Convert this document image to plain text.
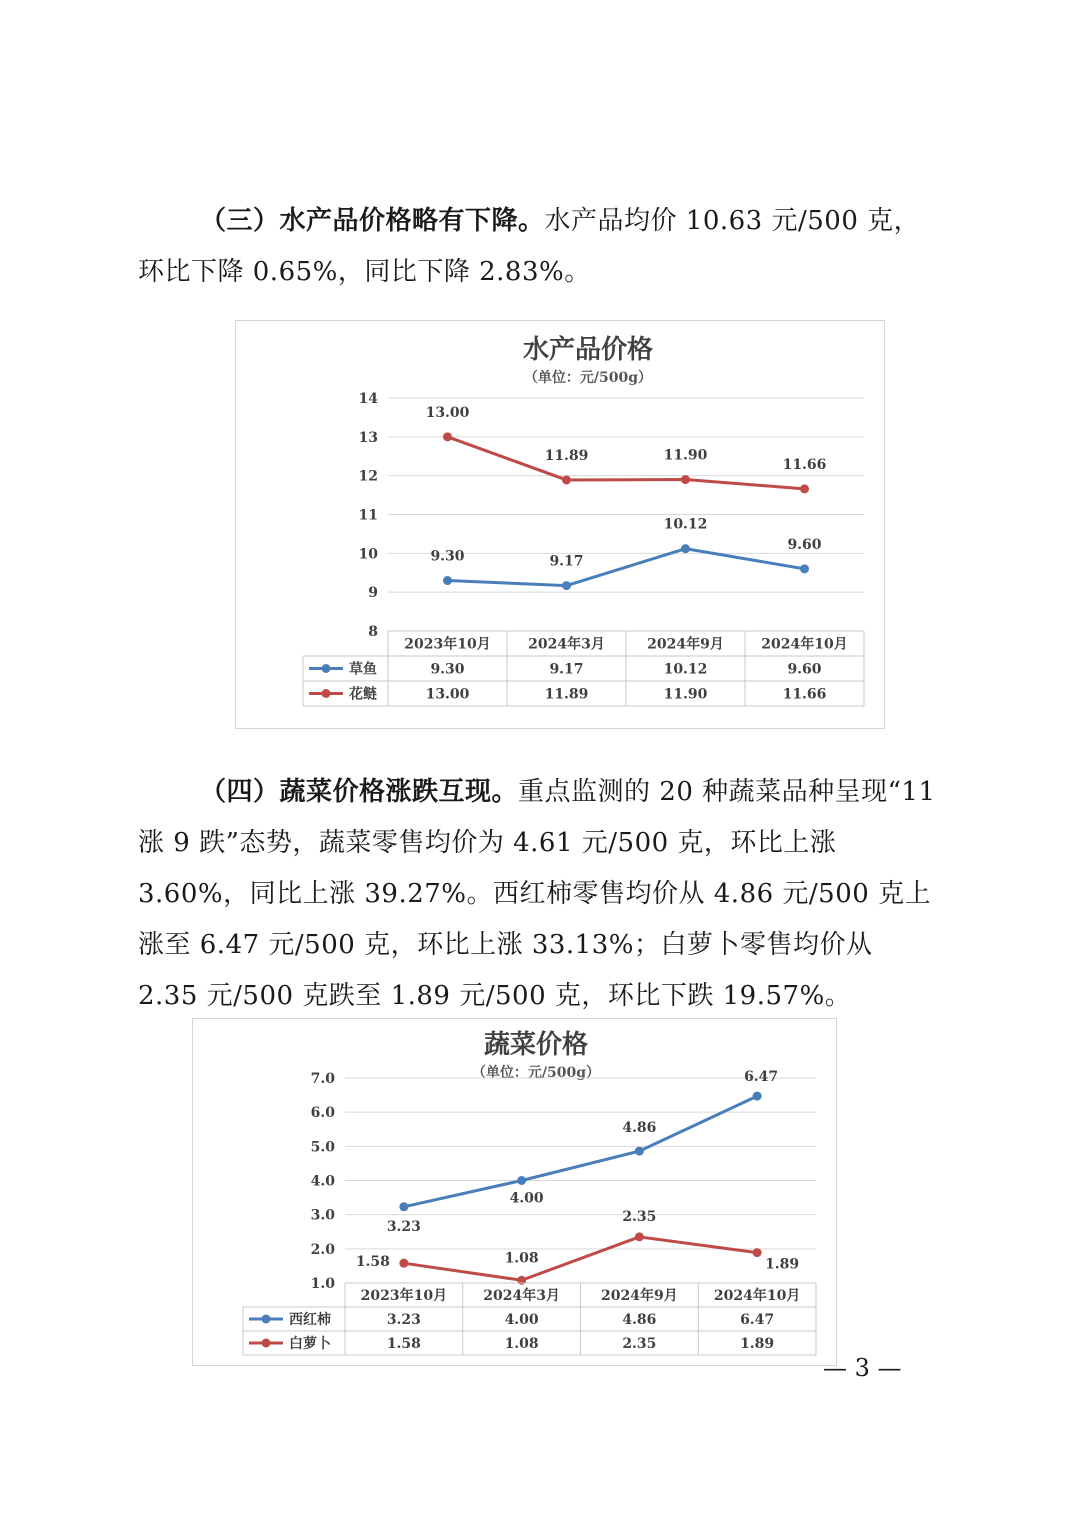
（三）水产品价格略有下降。水产品均价 10.63 元/500 克，环比下降 0.65%，同比下降 2.83%。

水产品价格
（单位：元/500g）
8
9
10
11
12
13
14
9.30	9.17
10.12
9.60
13.00
11.89	11.90
11.66
2023年10月	2024年3月	2024年9月	2024年10月
草鱼	9.30	9.17	10.12	9.60
花鲢	13.00	11.89	11.90	11.66

（四）蔬菜价格涨跌互现。重点监测的 20 种蔬菜品种呈现“11 涨 9 跌”态势，蔬菜零售均价为 4.61 元/500 克，环比上涨 3.60%，同比上涨 39.27%。西红柿零售均价从 4.86 元/500 克上涨至 6.47 元/500 克，环比上涨 33.13%；白萝卜零售均价从 2.35 元/500 克跌至 1.89 元/500 克，环比下跌 19.57%。

蔬菜价格
（单位：元/500g）
1.0
2.0
3.0
4.0
5.0
6.0
7.0
3.23
4.00
4.86
6.47
1.58	1.08
2.35
1.89
2023年10月	2024年3月	2024年9月	2024年10月
西红柿	3.23	4.00	4.86	6.47
白萝卜	1.58	1.08	2.35	1.89
— 3 —
